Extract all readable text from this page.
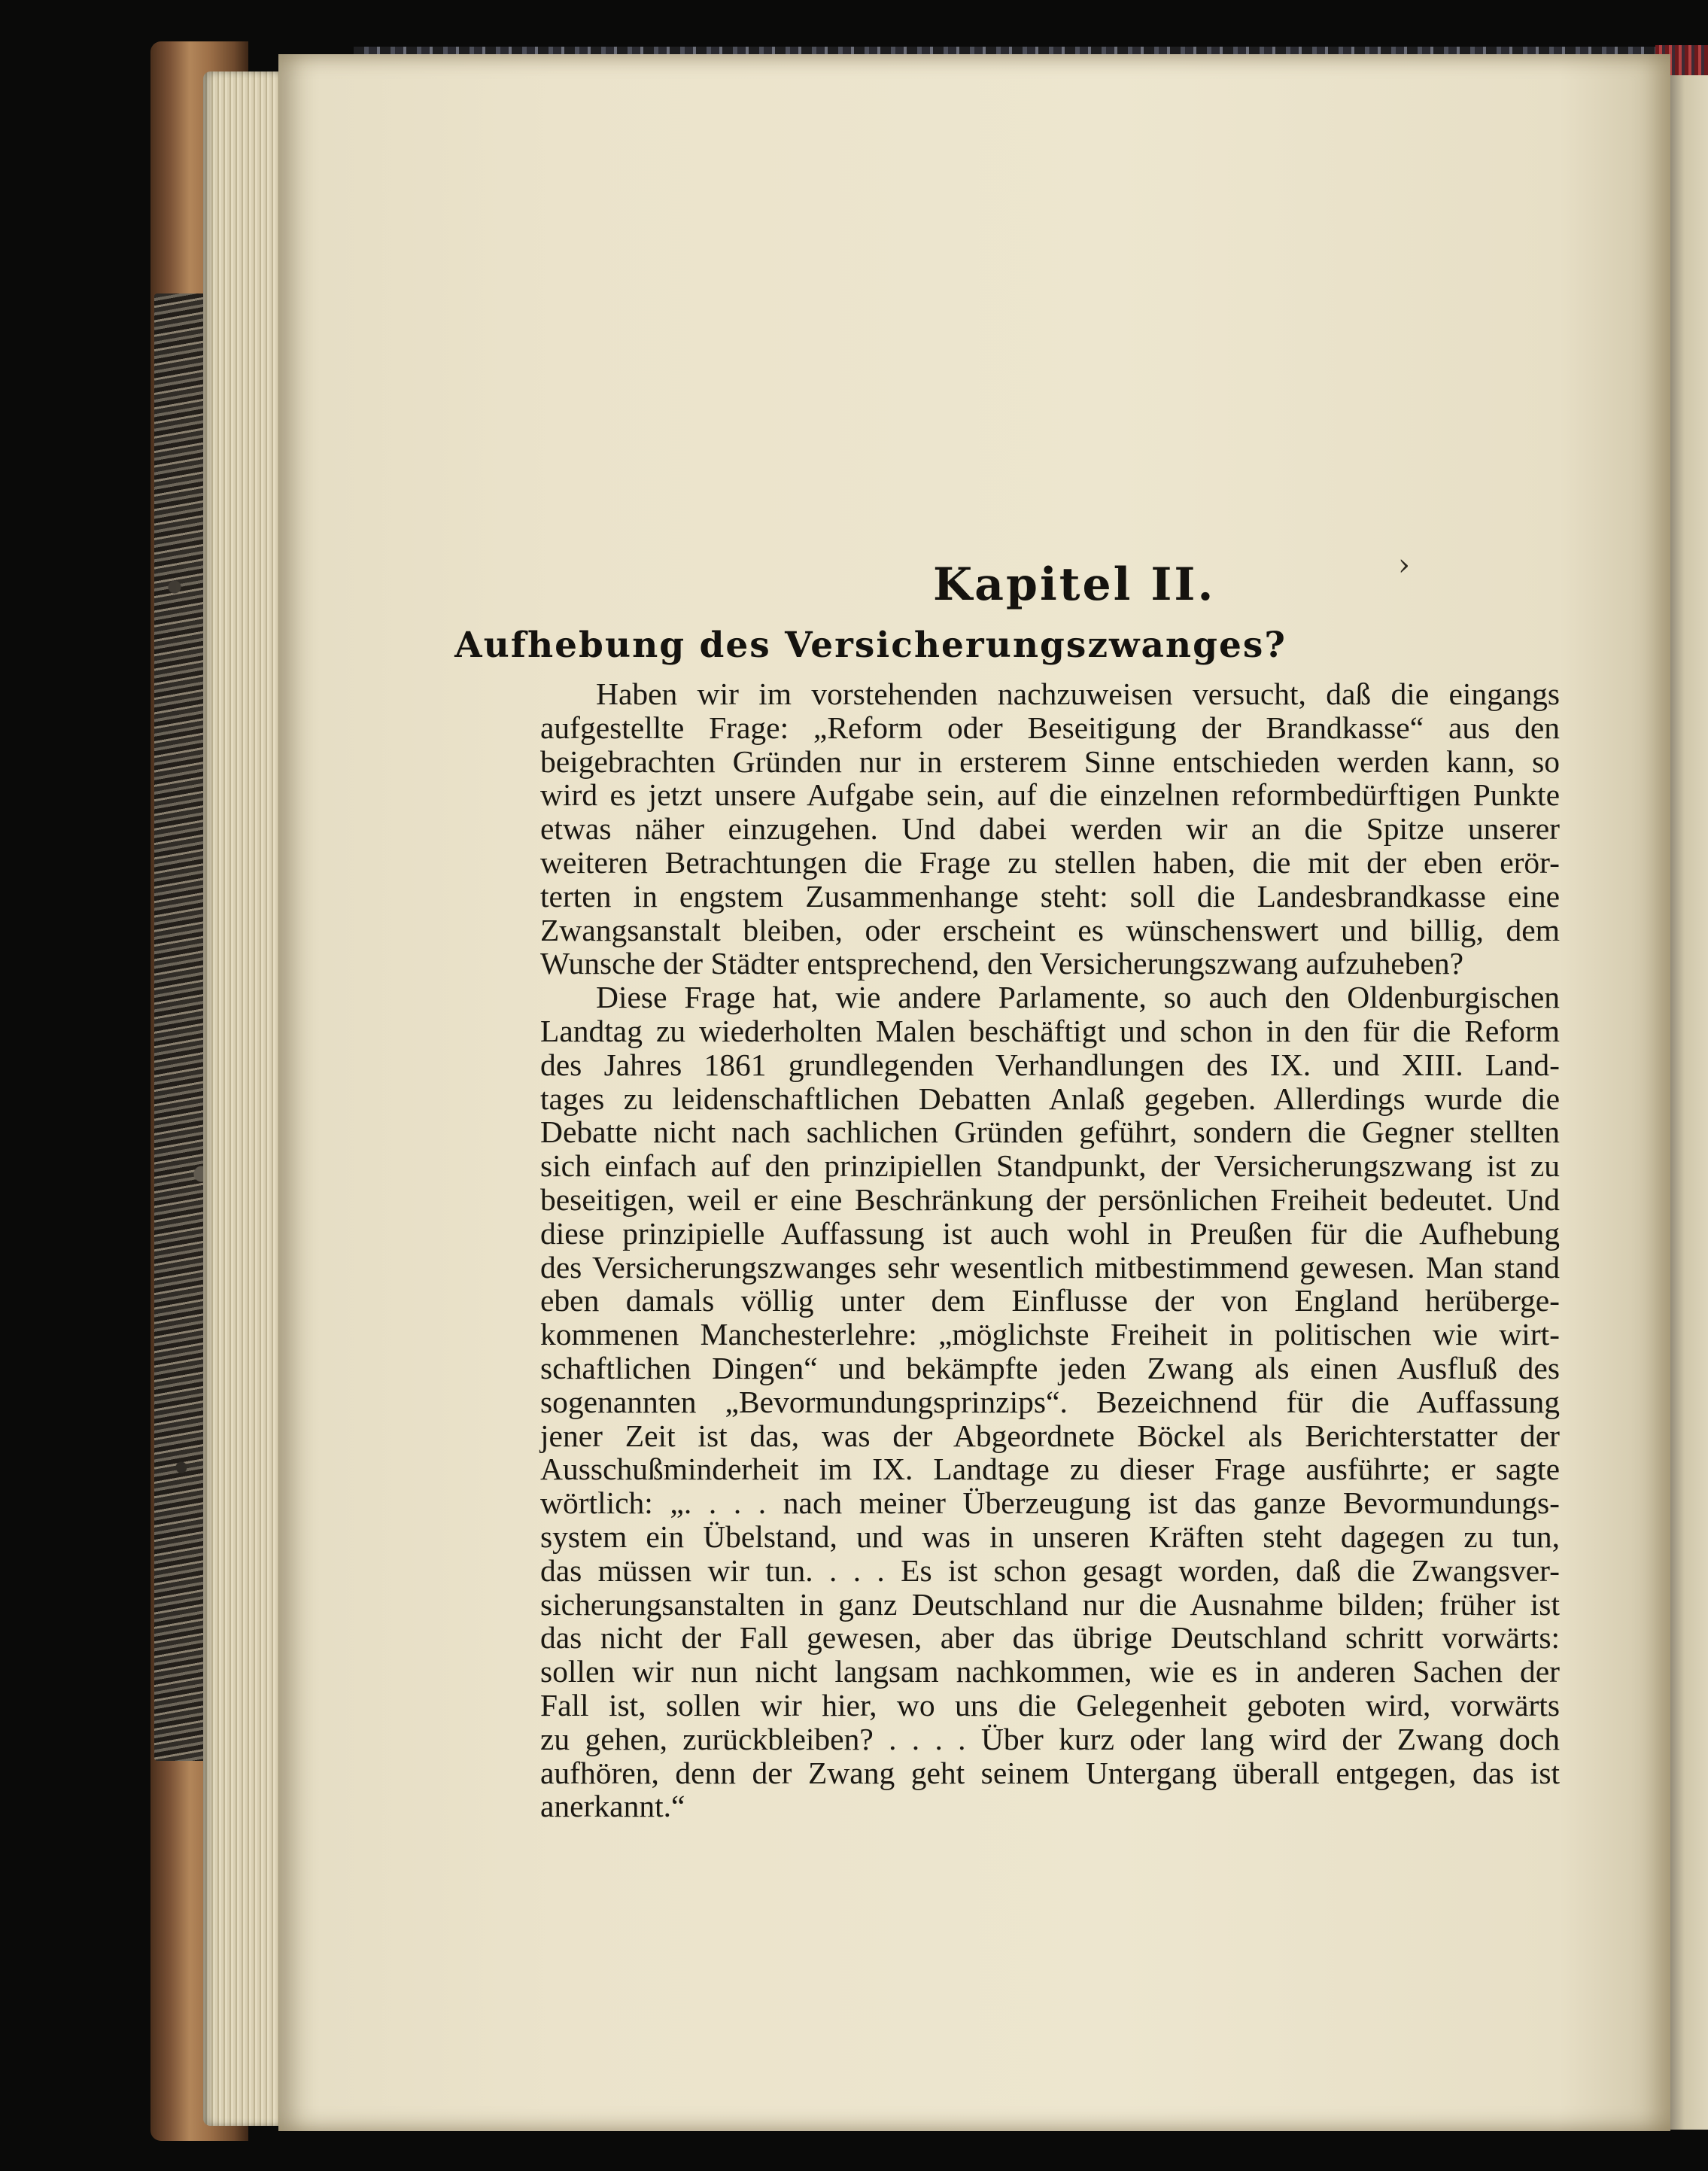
Kapitel II.	›
Aufhebung des Versicherungszwanges?
Haben wir im vorstehenden nachzuweisen versucht, daß die eingangs
aufgestellte Frage: „Reform oder Beseitigung der Brandkasse“ aus den
beigebrachten Gründen nur in ersterem Sinne entschieden werden kann, so
wird es jetzt unsere Aufgabe sein, auf die einzelnen reformbedürftigen Punkte
etwas näher einzugehen. Und dabei werden wir an die Spitze unserer
weiteren Betrachtungen die Frage zu stellen haben, die mit der eben erör-
terten in engstem Zusammenhange steht: soll die Landesbrandkasse eine
Zwangsanstalt bleiben, oder erscheint es wünschenswert und billig, dem
Wunsche der Städter entsprechend, den Versicherungszwang aufzuheben?
Diese Frage hat, wie andere Parlamente, so auch den Oldenburgischen
Landtag zu wiederholten Malen beschäftigt und schon in den für die Reform
des Jahres 1861 grundlegenden Verhandlungen des IX. und XIII. Land-
tages zu leidenschaftlichen Debatten Anlaß gegeben. Allerdings wurde die
Debatte nicht nach sachlichen Gründen geführt, sondern die Gegner stellten
sich einfach auf den prinzipiellen Standpunkt, der Versicherungszwang ist zu
beseitigen, weil er eine Beschränkung der persönlichen Freiheit bedeutet. Und
diese prinzipielle Auffassung ist auch wohl in Preußen für die Aufhebung
des Versicherungszwanges sehr wesentlich mitbestimmend gewesen. Man stand
eben damals völlig unter dem Einflusse der von England herüberge-
kommenen Manchesterlehre: „möglichste Freiheit in politischen wie wirt-
schaftlichen Dingen“ und bekämpfte jeden Zwang als einen Ausfluß des
sogenannten „Bevormundungsprinzips“. Bezeichnend für die Auffassung
jener Zeit ist das, was der Abgeordnete Böckel als Berichterstatter der
Ausschußminderheit im IX. Landtage zu dieser Frage ausführte; er sagte
wörtlich: „. . . . nach meiner Überzeugung ist das ganze Bevormundungs-
system ein Übelstand, und was in unseren Kräften steht dagegen zu tun,
das müssen wir tun. . . . Es ist schon gesagt worden, daß die Zwangsver-
sicherungsanstalten in ganz Deutschland nur die Ausnahme bilden; früher ist
das nicht der Fall gewesen, aber das übrige Deutschland schritt vorwärts:
sollen wir nun nicht langsam nachkommen, wie es in anderen Sachen der
Fall ist, sollen wir hier, wo uns die Gelegenheit geboten wird, vorwärts
zu gehen, zurückbleiben? . . . . Über kurz oder lang wird der Zwang doch
aufhören, denn der Zwang geht seinem Untergang überall entgegen, das ist
anerkannt.“
